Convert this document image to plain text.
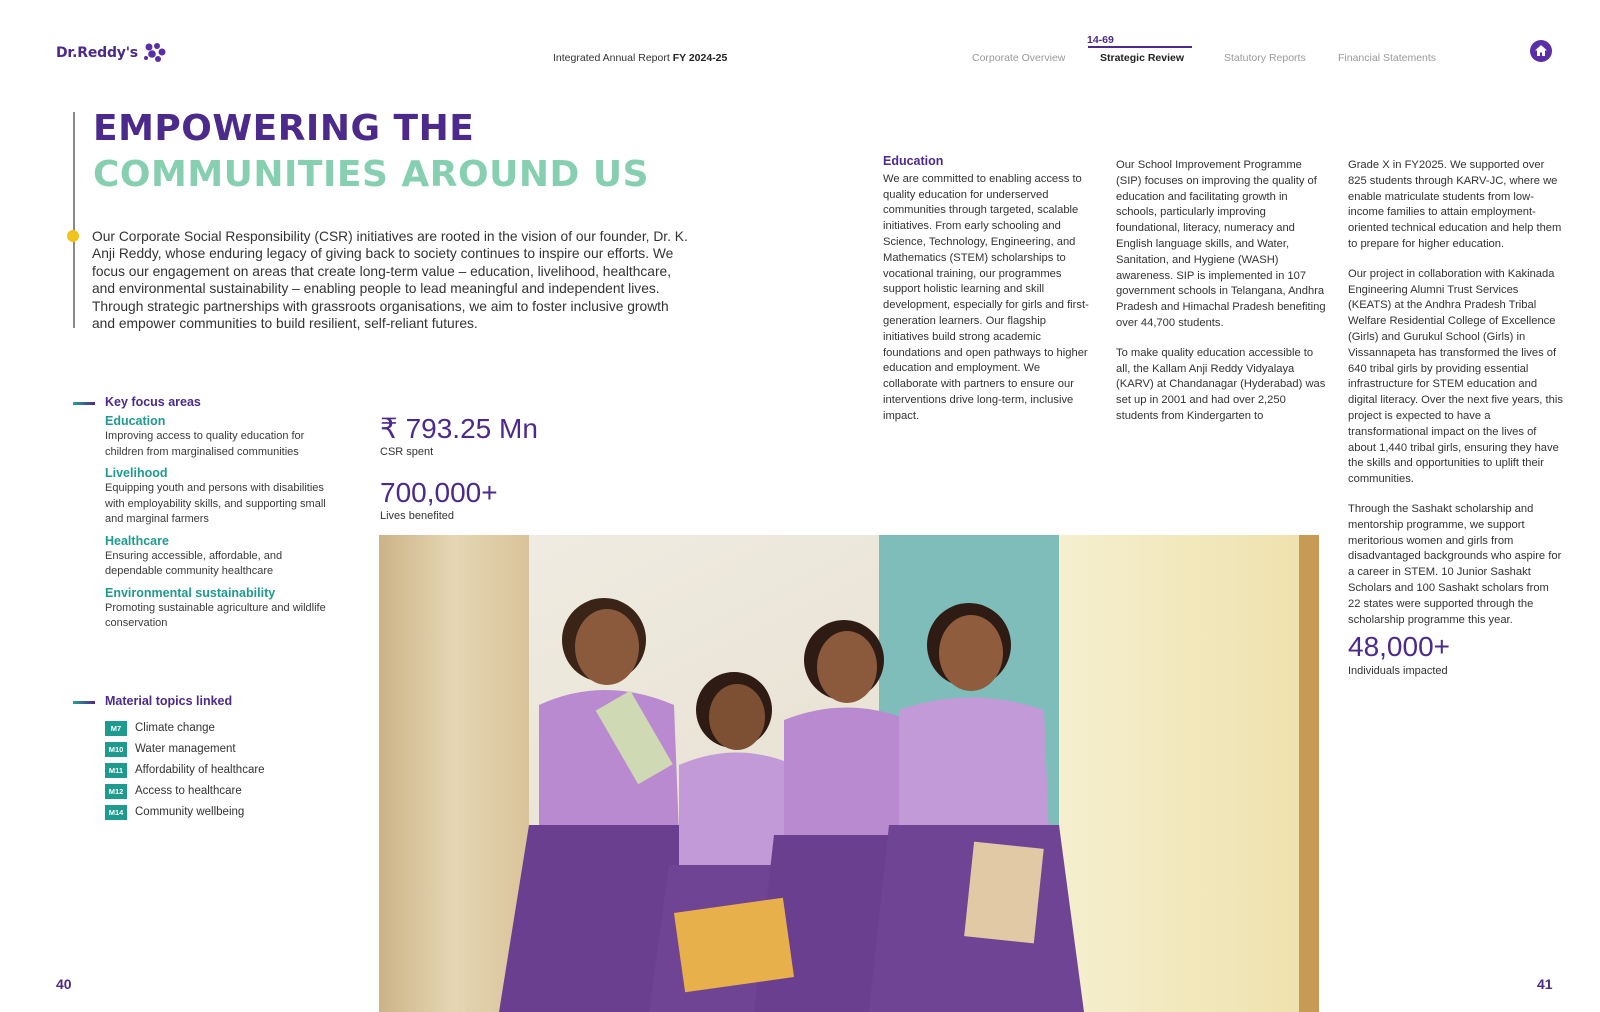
Dr.Reddy's	Integrated Annual Report FY 2024-25
14-69
Corporate Overview	Strategic Review	Statutory Reports	Financial Statements
EMPOWERING THE
COMMUNITIES AROUND US
Our Corporate Social Responsibility (CSR) initiatives are rooted in the vision of our founder, Dr. K. Anji Reddy, whose enduring legacy of giving back to society continues to inspire our efforts. We focus our engagement on areas that create long-term value – education, livelihood, healthcare, and environmental sustainability – enabling people to lead meaningful and independent lives. Through strategic partnerships with grassroots organisations, we aim to foster inclusive growth and empower communities to build resilient, self-reliant futures.
Key focus areas
Education
Improving access to quality education for children from marginalised communities
Livelihood
Equipping youth and persons with disabilities with employability skills, and supporting small and marginal farmers
Healthcare
Ensuring accessible, affordable, and dependable community healthcare
Environmental sustainability
Promoting sustainable agriculture and wildlife conservation
Material topics linked
M7	Climate change
M10	Water management
M11	Affordability of healthcare
M12	Access to healthcare
M14	Community wellbeing
₹ 793.25 Mn
CSR spent
700,000+
Lives benefited
Education

We are committed to enabling access to quality education for underserved communities through targeted, scalable initiatives. From early schooling and Science, Technology, Engineering, and Mathematics (STEM) scholarships to vocational training, our programmes support holistic learning and skill development, especially for girls and first-generation learners. Our flagship initiatives build strong academic foundations and open pathways to higher education and employment. We collaborate with partners to ensure our interventions drive long-term, inclusive impact.

Our School Improvement Programme (SIP) focuses on improving the quality of education and facilitating growth in schools, particularly improving foundational, literacy, numeracy and English language skills, and Water, Sanitation, and Hygiene (WASH) awareness. SIP is implemented in 107 government schools in Telangana, Andhra Pradesh and Himachal Pradesh benefiting over 44,700 students.

To make quality education accessible to all, the Kallam Anji Reddy Vidyalaya (KARV) at Chandanagar (Hyderabad) was set up in 2001 and had over 2,250 students from Kindergarten to

Grade X in FY2025. We supported over 825 students through KARV-JC, where we enable matriculate students from low-income families to attain employment-oriented technical education and help them to prepare for higher education.

Our project in collaboration with Kakinada Engineering Alumni Trust Services (KEATS) at the Andhra Pradesh Tribal Welfare Residential College of Excellence (Girls) and Gurukul School (Girls) in Vissannapeta has transformed the lives of 640 tribal girls by providing essential infrastructure for STEM education and digital literacy. Over the next five years, this project is expected to have a transformational impact on the lives of about 1,440 tribal girls, ensuring they have the skills and opportunities to uplift their communities.

Through the Sashakt scholarship and mentorship programme, we support meritorious women and girls from disadvantaged backgrounds who aspire for a career in STEM. 10 Junior Sashakt Scholars and 100 Sashakt scholars from 22 states were supported through the scholarship programme this year.

48,000+
Individuals impacted
40	41
